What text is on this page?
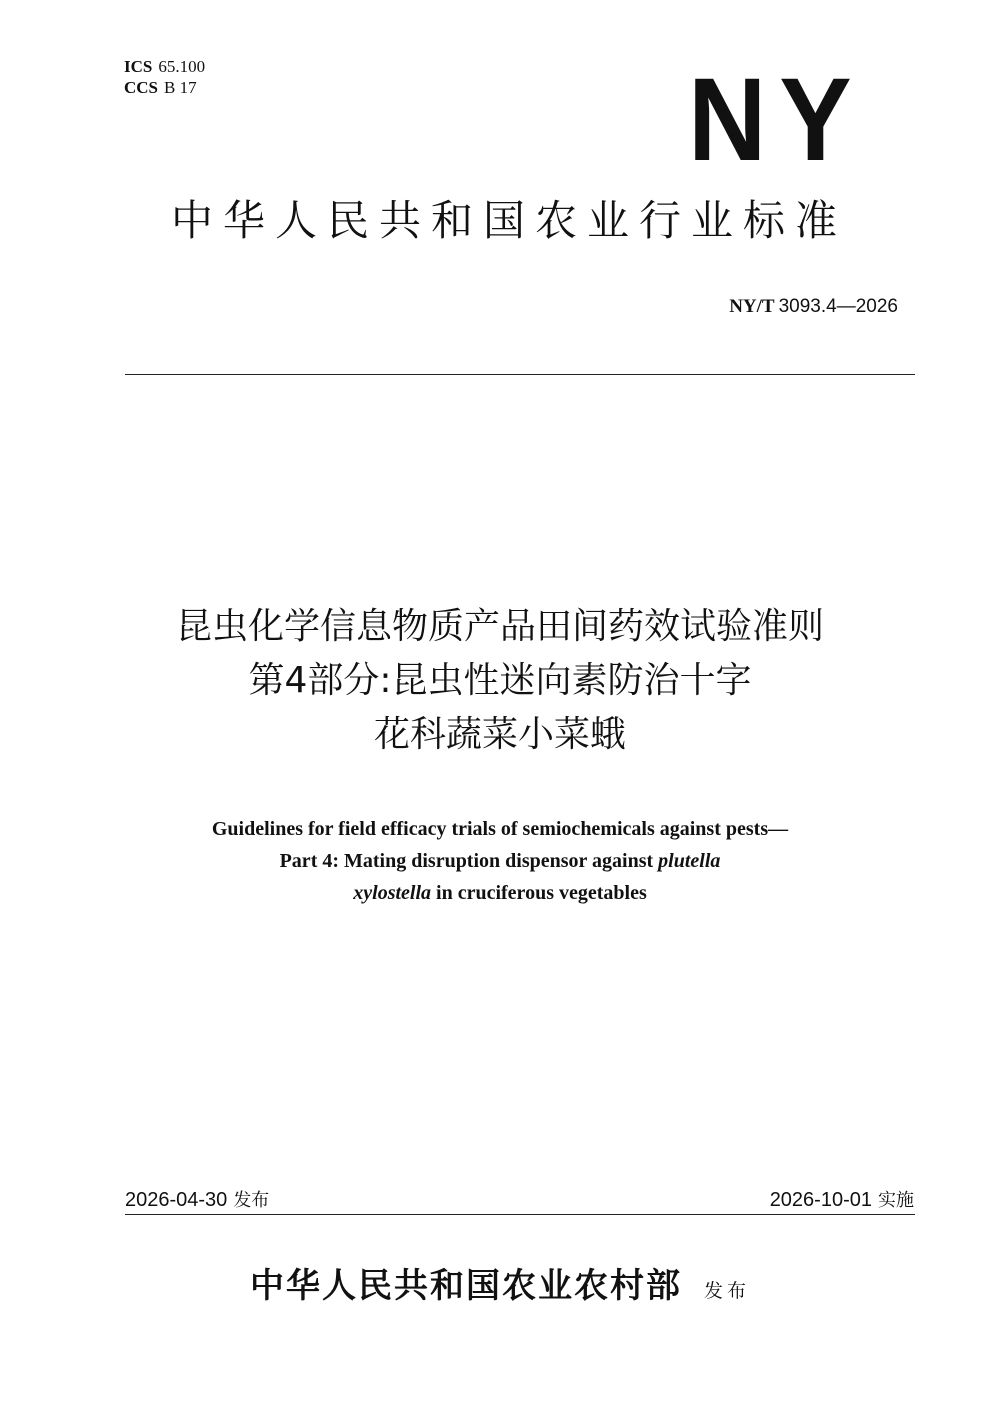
ICS 65.100
CCS B 17	NY
中华人民共和国农业行业标准
NY/T 3093.4—2026
昆虫化学信息物质产品田间药效试验准则
第4部分:昆虫性迷向素防治十字
花科蔬菜小菜蛾
Guidelines for field efficacy trials of semiochemicals against pests—
Part 4: Mating disruption dispensor against plutella
xylostella in cruciferous vegetables
2026-04-30 发布	2026-10-01 实施
中华人民共和国农业农村部 发布
